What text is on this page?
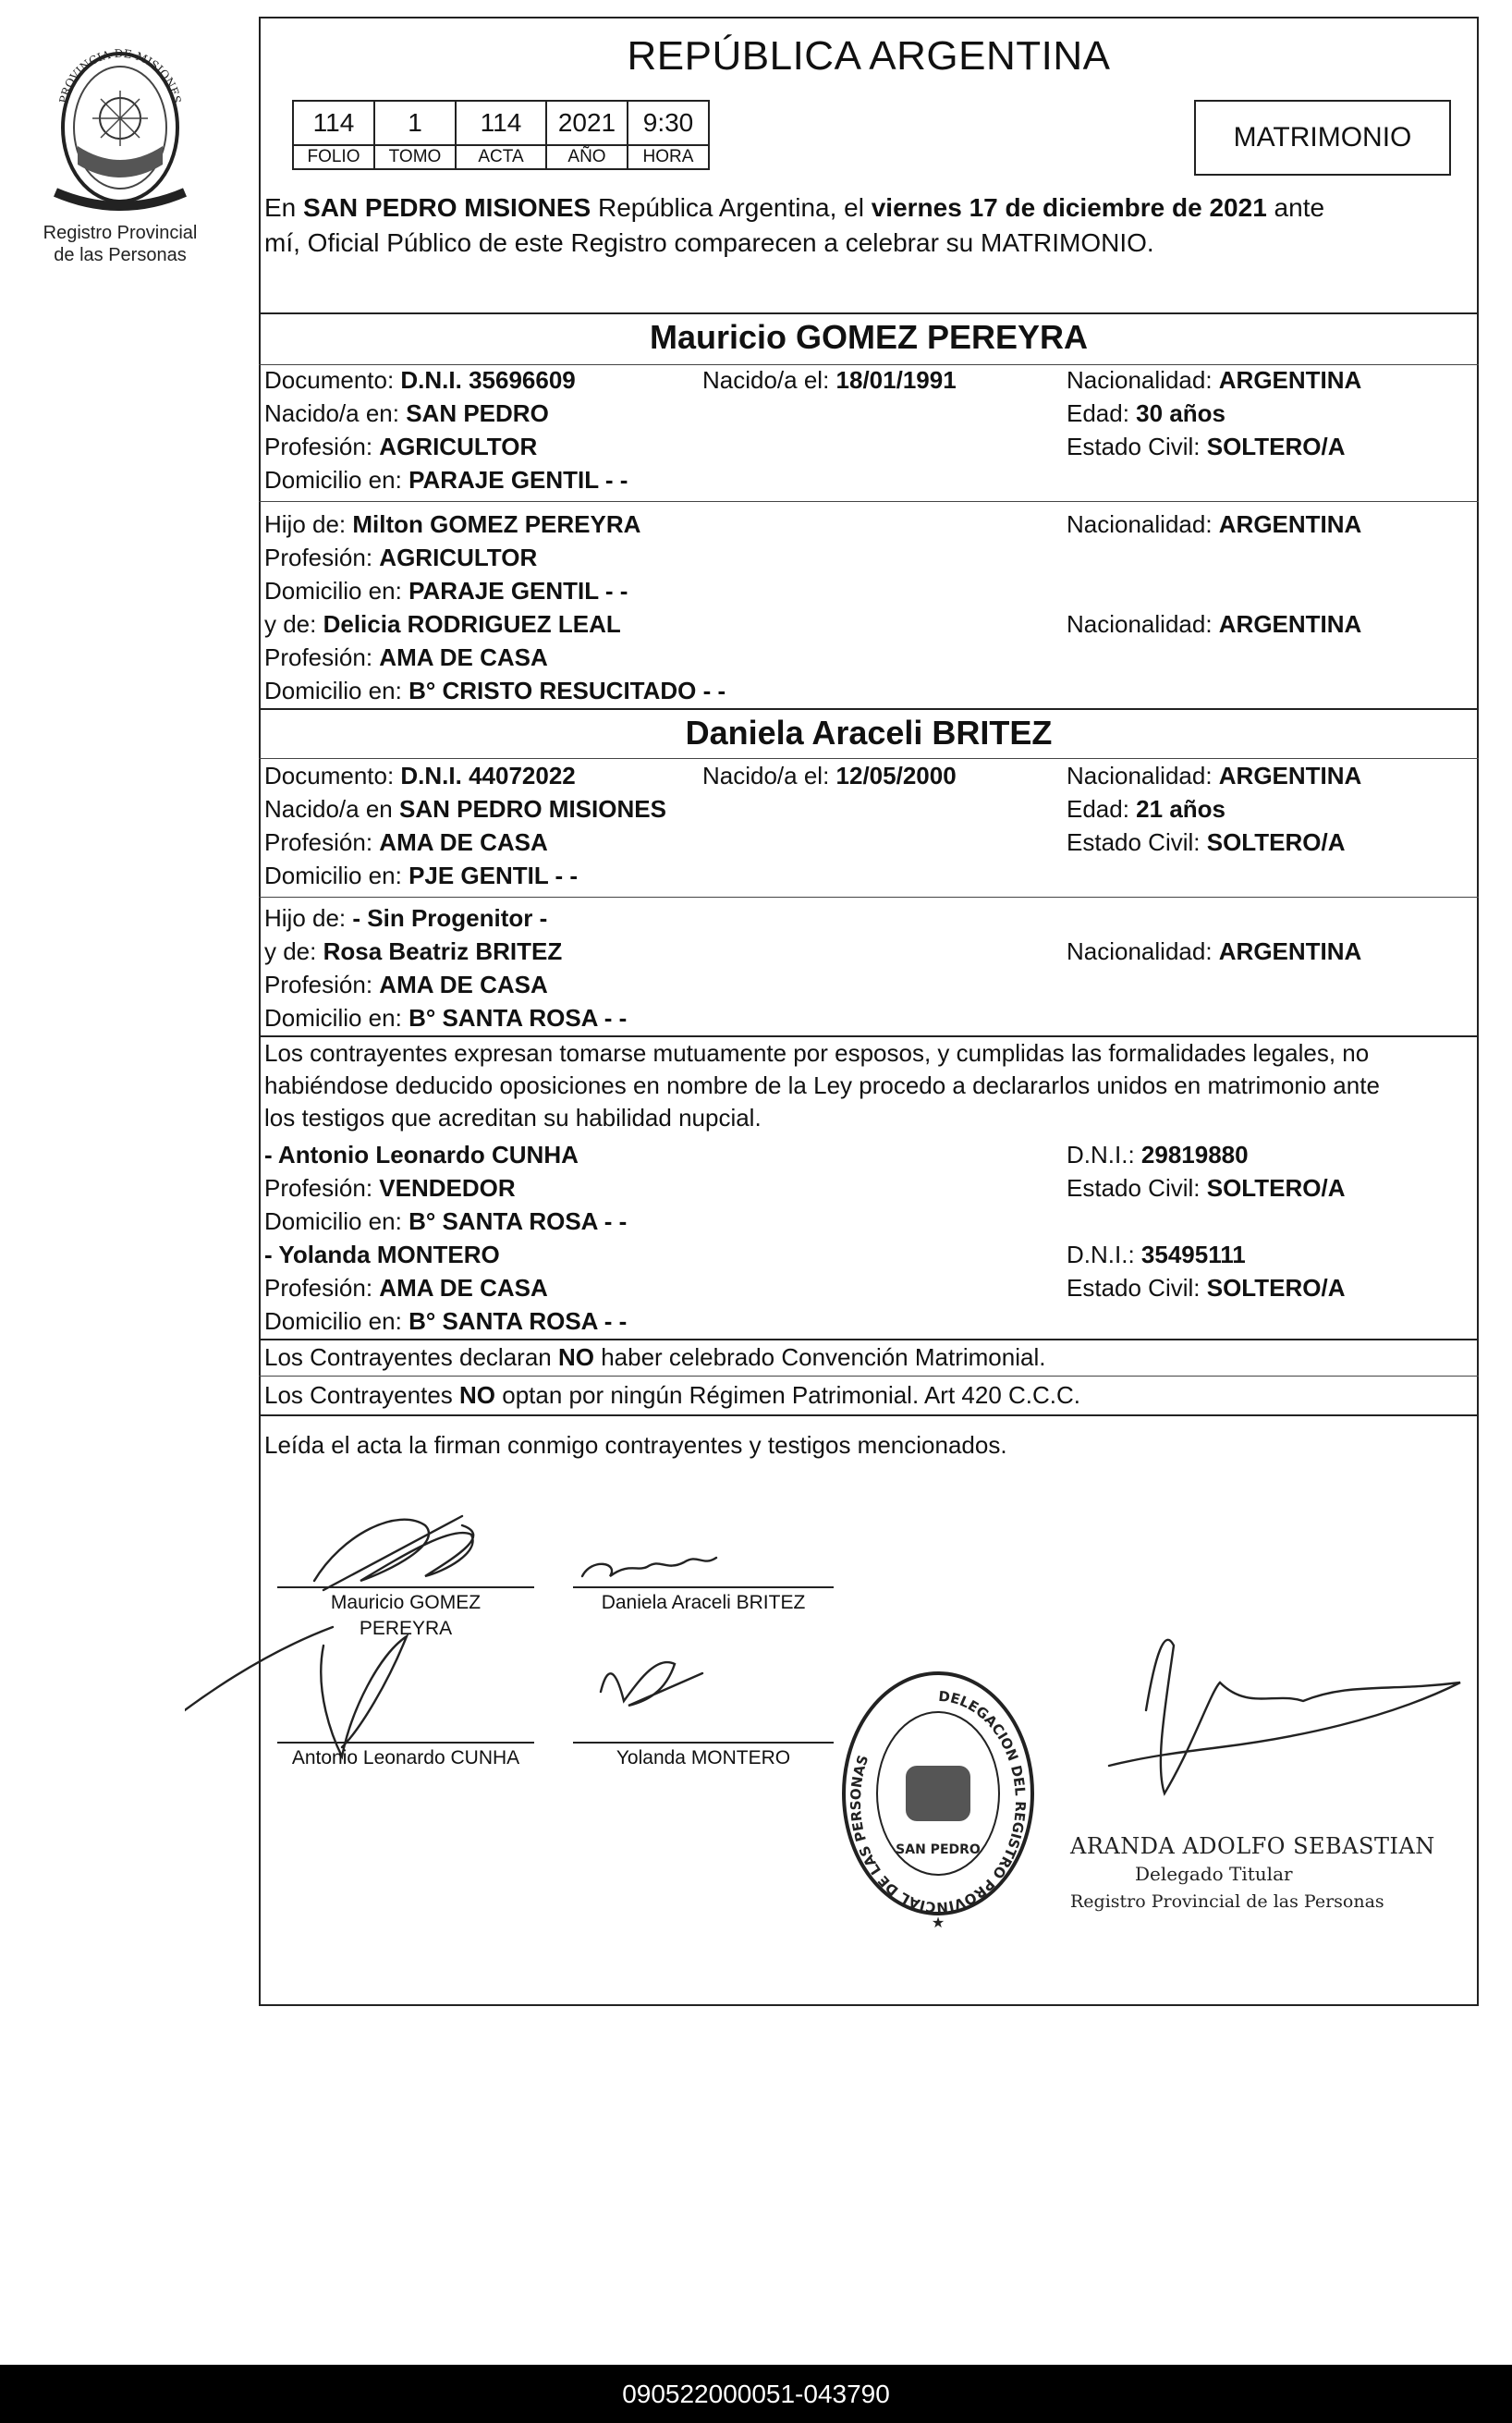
PROVINCIA DE MISIONES
Registro Provincial
de las Personas
REPÚBLICA ARGENTINA
114	1	114	2021	9:30
FOLIO	TOMO	ACTA	AÑO	HORA
MATRIMONIO
En SAN PEDRO MISIONES República Argentina, el viernes 17 de diciembre de 2021 ante
mí, Oficial Público de este Registro comparecen a celebrar su MATRIMONIO.
Mauricio GOMEZ PEREYRA
Documento: D.N.I. 35696609	Nacido/a el: 18/01/1991	Nacionalidad: ARGENTINA
Nacido/a en: SAN PEDRO	Edad: 30 años
Profesión: AGRICULTOR	Estado Civil: SOLTERO/A
Domicilio en: PARAJE GENTIL - -
Hijo de: Milton GOMEZ PEREYRA	Nacionalidad: ARGENTINA
Profesión: AGRICULTOR
Domicilio en: PARAJE GENTIL - -
y de: Delicia RODRIGUEZ LEAL	Nacionalidad: ARGENTINA
Profesión: AMA DE CASA
Domicilio en: B° CRISTO RESUCITADO - -
Daniela Araceli BRITEZ
Documento: D.N.I. 44072022	Nacido/a el: 12/05/2000	Nacionalidad: ARGENTINA
Nacido/a en SAN PEDRO MISIONES	Edad: 21 años
Profesión: AMA DE CASA	Estado Civil: SOLTERO/A
Domicilio en: PJE GENTIL - -
Hijo de: - Sin Progenitor -
y de: Rosa Beatriz BRITEZ	Nacionalidad: ARGENTINA
Profesión: AMA DE CASA
Domicilio en: B° SANTA ROSA - -
Los contrayentes expresan tomarse mutuamente por esposos, y cumplidas las formalidades legales, no
habiéndose deducido oposiciones en nombre de la Ley procedo a declararlos unidos en matrimonio ante
los testigos que acreditan su habilidad nupcial.
- Antonio Leonardo CUNHA	D.N.I.: 29819880
Profesión: VENDEDOR	Estado Civil: SOLTERO/A
Domicilio en: B° SANTA ROSA - -
- Yolanda MONTERO	D.N.I.: 35495111
Profesión: AMA DE CASA	Estado Civil: SOLTERO/A
Domicilio en: B° SANTA ROSA - -
Los Contrayentes declaran NO haber celebrado Convención Matrimonial.
Los Contrayentes NO optan por ningún Régimen Patrimonial. Art 420 C.C.C.
Leída el acta la firman conmigo contrayentes y testigos mencionados.
DELEGACION DEL REGISTRO PROVINCIAL DE LAS PERSONAS
SAN PEDRO
★
Mauricio GOMEZ
PEREYRA
Daniela Araceli BRITEZ
Antonio Leonardo CUNHA	Yolanda MONTERO
ARANDA ADOLFO SEBASTIAN
Delegado Titular
Registro Provincial de las Personas
090522000051-043790
